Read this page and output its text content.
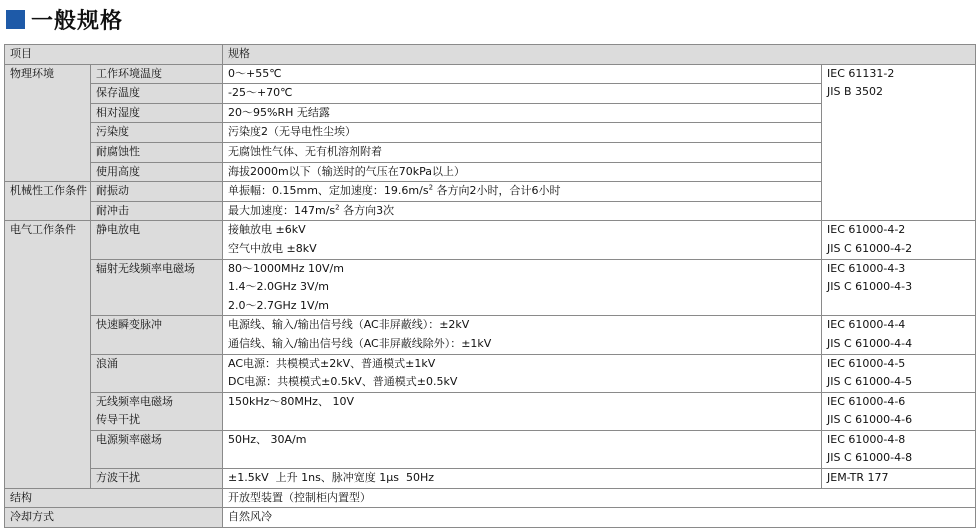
一般规格
项目		规格	
物理环境	工作环境温度	0～+55℃	IEC 61131-2
JIS B 3502

	保存温度	-25～+70℃	
	相对湿度	20～95%RH 无结露	
	污染度	污染度2（无导电性尘埃）	
	耐腐蚀性	无腐蚀性气体、无有机溶剂附着	
	使用高度	海拔2000m以下（输送时的气压在70kPa以上）	
机械性工作条件	耐振动	单振幅：0.15mm、定加速度：$19.6m/s^2$ 各方向2小时，合计6小时	
	耐冲击	最大加速度：$147m/s^2$ 各方向3次	
电气工作条件	静电放电	接触放电 ±6kV
空气中放电 ±8kV	IEC 61000-4-2
JIS C 61000-4-2

	辐射无线频率电磁场	80～1000MHz 10V/m
1.4～2.0GHz 3V/m
2.0～2.7GHz 1V/m	IEC 61000-4-3
JIS C 61000-4-3

	快速瞬变脉冲	电源线、输入/输出信号线（AC非屏蔽线）：±2kV
通信线、输入/输出信号线（AC非屏蔽线除外）：±1kV	IEC 61000-4-4
JIS C 61000-4-4

	浪涌	AC电源：共模模式±2kV、普通模式±1kV
DC电源：共模模式±0.5kV、普通模式±0.5kV	IEC 61000-4-5
JIS C 61000-4-5

	无线频率电磁场
传导干扰	150kHz～80MHz、 10V	IEC 61000-4-6
JIS C 61000-4-6

	电源频率磁场	50Hz、 30A/m	IEC 61000-4-8
JIS C 61000-4-8

	方波干扰	±1.5kV  上升 1ns、脉冲宽度 1μs  50Hz	JEM-TR 177
结构		开放型装置（控制柜内置型）	
冷却方式		自然风冷	
